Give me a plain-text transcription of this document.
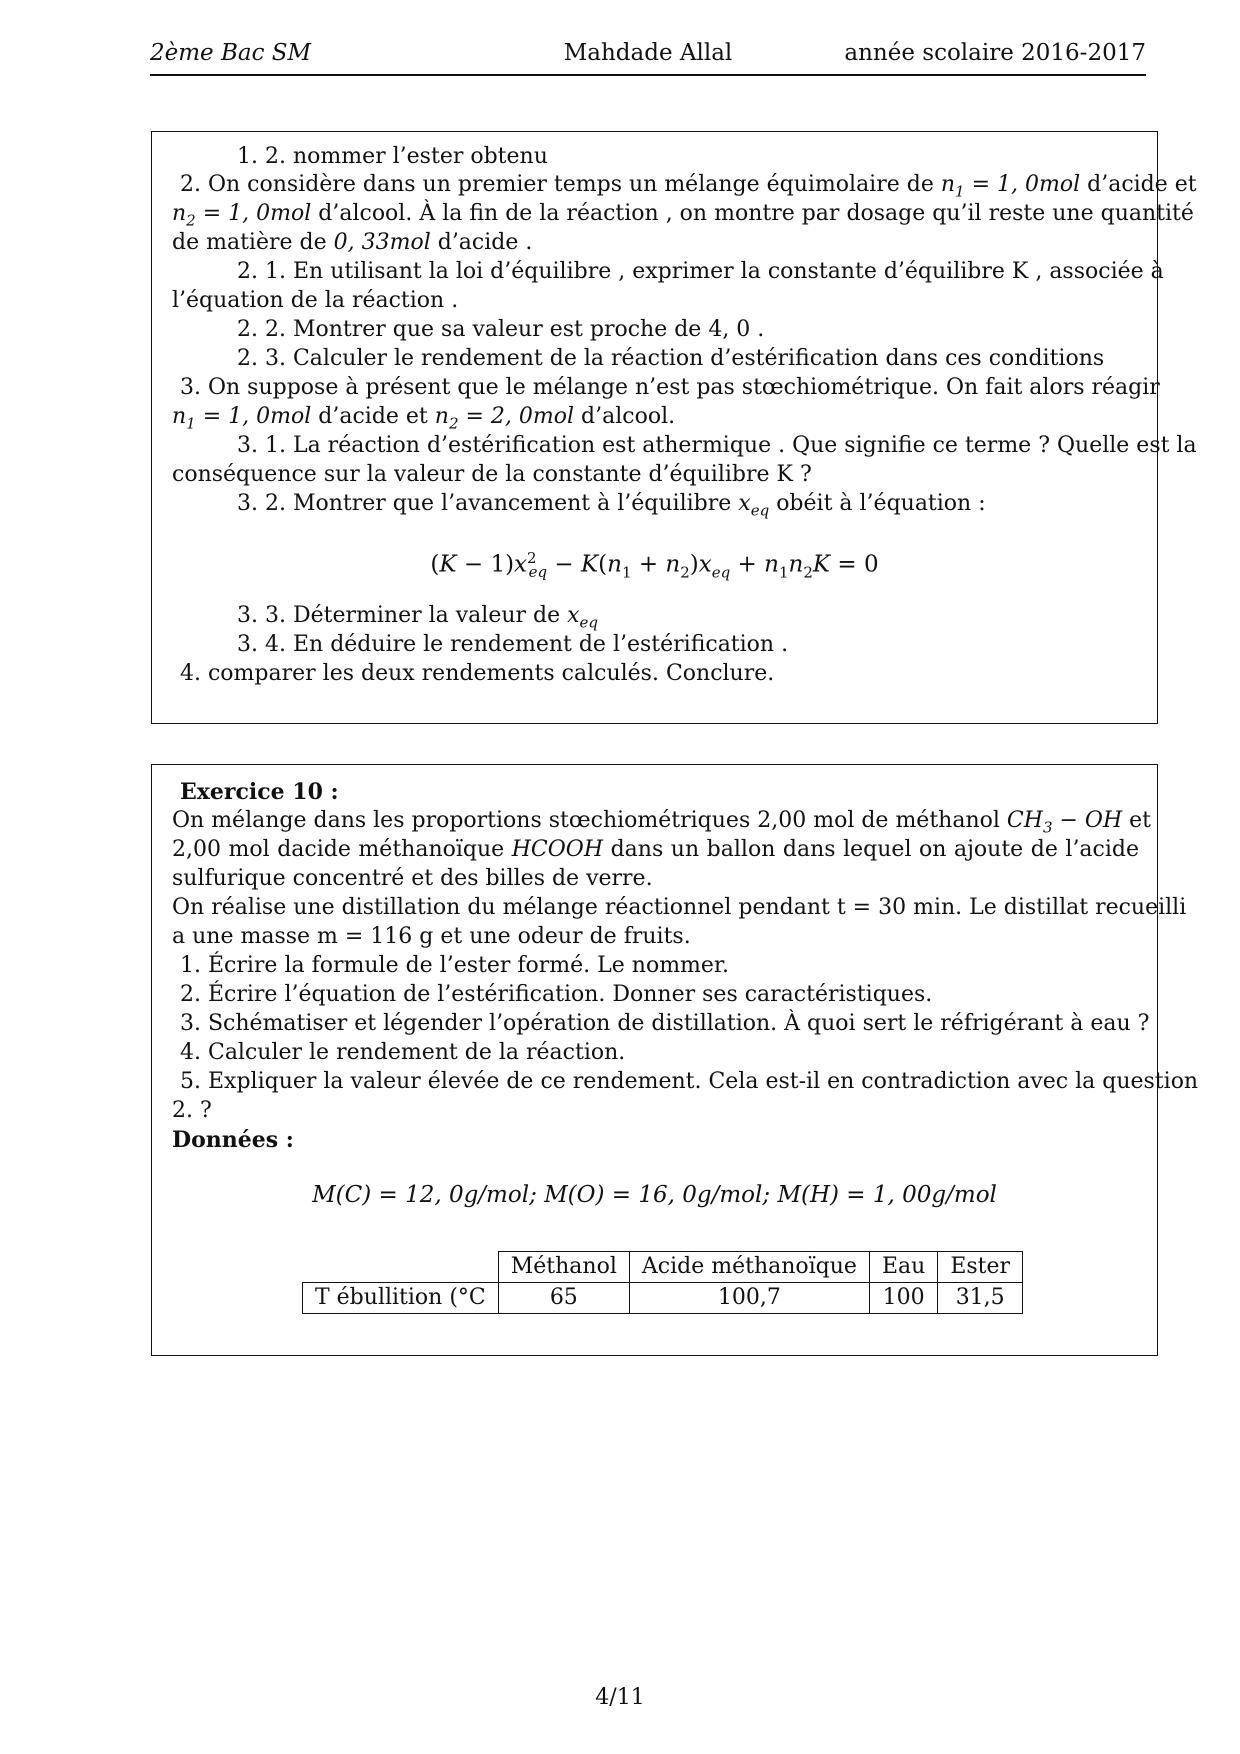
2ème Bac SM	Mahdade Allal	année scolaire 2016-2017
1. 2. nommer l’ester obtenu
2. On considère dans un premier temps un mélange équimolaire de $n_1 = 1$, 0mol d’acide et
$n_2 = 1$, 0mol d’alcool. À la fin de la réaction , on montre par dosage qu’il reste une quantité
de matière de 0, 33mol d’acide .
2. 1. En utilisant la loi d’équilibre , exprimer la constante d’équilibre K , associée à
l’équation de la réaction .
2. 2. Montrer que sa valeur est proche de 4, 0 .
2. 3. Calculer le rendement de la réaction d’estérification dans ces conditions
3. On suppose à présent que le mélange n’est pas stœchiométrique. On fait alors réagir
$n_1 = 1$, 0mol d’acide et $n_2 = 2$, 0mol d’alcool.
3. 1. La réaction d’estérification est athermique . Que signifie ce terme ? Quelle est la
conséquence sur la valeur de la constante d’équilibre K ?
3. 2. Montrer que l’avancement à l’équilibre $x_{eq}$ obéit à l’équation :
$(K - 1)x^2_{eq} - K(n_1 + n_2)x_{eq} + n_1n_2K = 0$
3. 3. Déterminer la valeur de $x_{eq}$
3. 4. En déduire le rendement de l’estérification .
4. comparer les deux rendements calculés. Conclure.
Exercice 10 :
On mélange dans les proportions stœchiométriques 2,00 mol de méthanol $CH_3$ − OH et
2,00 mol dacide méthanoïque HCOOH dans un ballon dans lequel on ajoute de l’acide
sulfurique concentré et des billes de verre.
On réalise une distillation du mélange réactionnel pendant t = 30 min. Le distillat recueilli
a une masse m = 116 g et une odeur de fruits.
1. Écrire la formule de l’ester formé. Le nommer.
2. Écrire l’équation de l’estérification. Donner ses caractéristiques.
3. Schématiser et légender l’opération de distillation. À quoi sert le réfrigérant à eau ?
4. Calculer le rendement de la réaction.
5. Expliquer la valeur élevée de ce rendement. Cela est-il en contradiction avec la question
2. ?
Données :
M(C) = 12, 0g/mol; M(O) = 16, 0g/mol; M(H) = 1, 00g/mol
	Méthanol	Acide méthanoïque	Eau	Ester
T ébullition (°C	65	100,7	100	31,5
4/11
